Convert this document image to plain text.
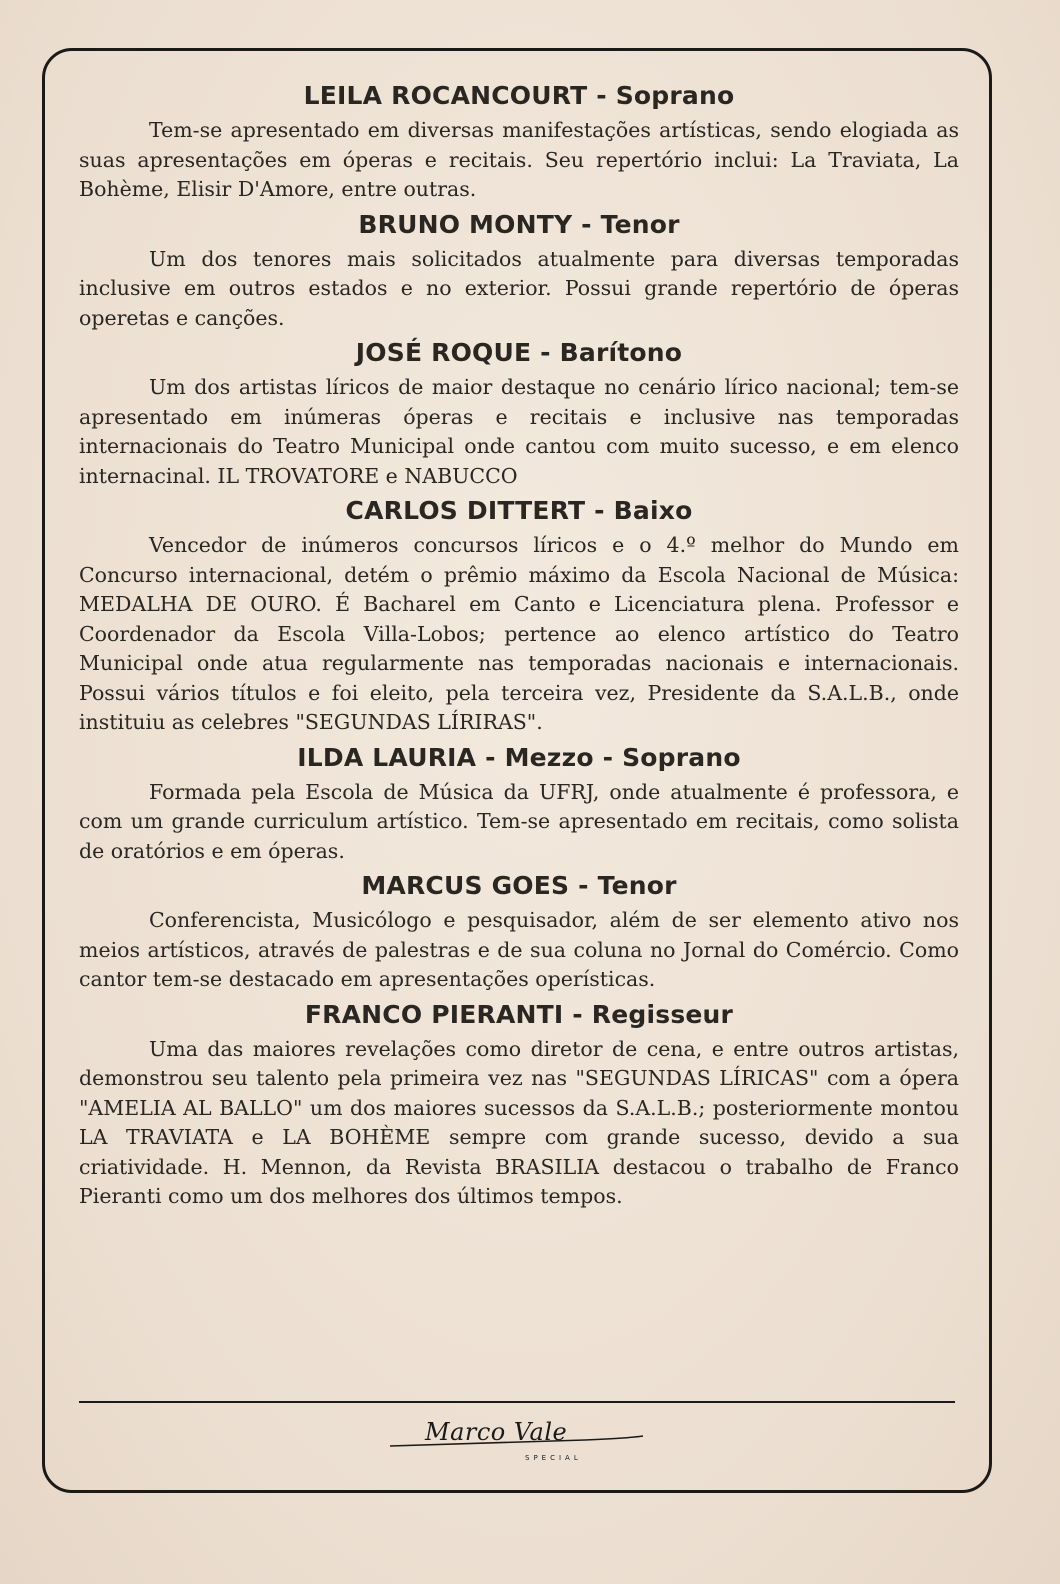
LEILA ROCANCOURT - Soprano

Tem-se apresentado em diversas manifestações artísticas, sendo elogiada as suas apresentações em óperas e recitais. Seu repertório inclui: La Traviata, La Bohème, Elisir D'Amore, entre outras.

BRUNO MONTY - Tenor

Um dos tenores mais solicitados atualmente para diversas temporadas inclusive em outros estados e no exterior. Possui grande repertório de óperas operetas e canções.

JOSÉ ROQUE - Barítono

Um dos artistas líricos de maior destaque no cenário lírico nacional; tem-se apresentado em inúmeras óperas e recitais e inclusive nas temporadas internacionais do Teatro Municipal onde cantou com muito sucesso, e em elenco internacinal. IL TROVATORE e NABUCCO

CARLOS DITTERT - Baixo

Vencedor de inúmeros concursos líricos e o 4.º melhor do Mundo em Concurso internacional, detém o prêmio máximo da Escola Nacional de Música: MEDALHA DE OURO. É Bacharel em Canto e Licenciatura plena. Professor e Coordenador da Escola Villa-Lobos; pertence ao elenco artístico do Teatro Municipal onde atua regularmente nas temporadas nacionais e internacionais. Possui vários títulos e foi eleito, pela terceira vez, Presidente da S.A.L.B., onde instituiu as celebres "SEGUNDAS LÍRIRAS".

ILDA LAURIA - Mezzo - Soprano

Formada pela Escola de Música da UFRJ, onde atualmente é professora, e com um grande curriculum artístico. Tem-se apresentado em recitais, como solista de oratórios e em óperas.

MARCUS GOES - Tenor

Conferencista, Musicólogo e pesquisador, além de ser elemento ativo nos meios artísticos, através de palestras e de sua coluna no Jornal do Comércio. Como cantor tem-se destacado em apresentações operísticas.

FRANCO PIERANTI - Regisseur

Uma das maiores revelações como diretor de cena, e entre outros artistas, demonstrou seu talento pela primeira vez nas "SEGUNDAS LÍRICAS" com a ópera "AMELIA AL BALLO" um dos maiores sucessos da S.A.L.B.; posteriormente montou LA TRAVIATA e LA BOHÈME sempre com grande sucesso, devido a sua criatividade. H. Mennon, da Revista BRASILIA destacou o trabalho de Franco Pieranti como um dos melhores dos últimos tempos.

Marco Vale
SPECIAL
